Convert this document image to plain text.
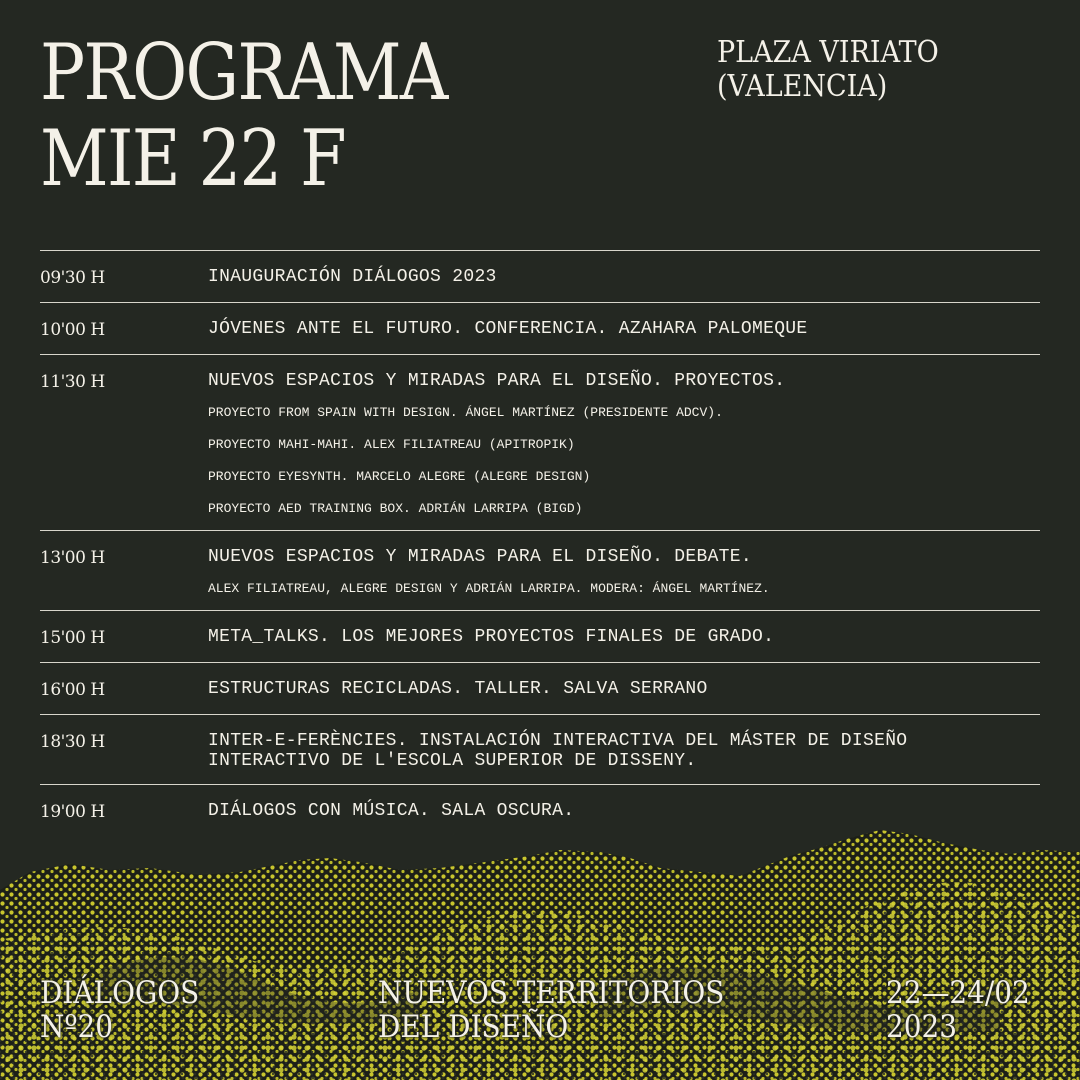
PROGRAMA
MIE 22 F
PLAZA VIRIATO
(VALENCIA)
09'30 H	INAUGURACIÓN DIÁLOGOS 2023
10'00 H	JÓVENES ANTE EL FUTURO. CONFERENCIA. AZAHARA PALOMEQUE
11'30 H	NUEVOS ESPACIOS Y MIRADAS PARA EL DISEÑO. PROYECTOS.
PROYECTO FROM SPAIN WITH DESIGN. ÁNGEL MARTÍNEZ (PRESIDENTE ADCV).
PROYECTO MAHI-MAHI. ALEX FILIATREAU (APITROPIK)
PROYECTO EYESYNTH. MARCELO ALEGRE (ALEGRE DESIGN)
PROYECTO AED TRAINING BOX. ADRIÁN LARRIPA (BIGD)
13'00 H	NUEVOS ESPACIOS Y MIRADAS PARA EL DISEÑO. DEBATE.
ALEX FILIATREAU, ALEGRE DESIGN Y ADRIÁN LARRIPA. MODERA: ÁNGEL MARTÍNEZ.
15'00 H	META_TALKS. LOS MEJORES PROYECTOS FINALES DE GRADO.
16'00 H	ESTRUCTURAS RECICLADAS. TALLER. SALVA SERRANO
18'30 H	INTER-E-FERÈNCIES. INSTALACIÓN INTERACTIVA DEL MÁSTER DE DISEÑO INTERACTIVO DE L'ESCOLA SUPERIOR DE DISSENY.
19'00 H	DIÁLOGOS CON MÚSICA. SALA OSCURA.
DIÁLOGOS
Nº20
NUEVOS TERRITORIOS
DEL DISEÑO
22—24/02
2023
